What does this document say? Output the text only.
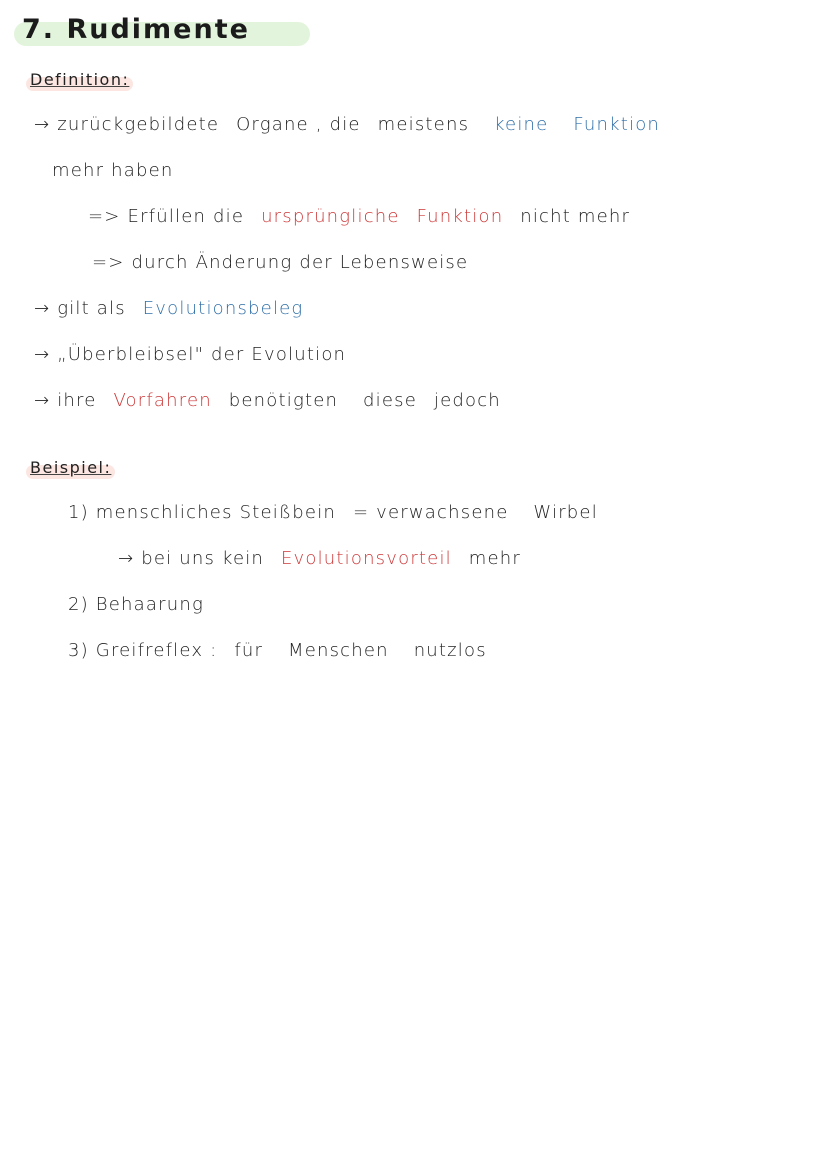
7. Rudimente
Definition:
→ zurückgebildete Organe , die meistens keine Funktion
mehr haben
=> Erfüllen die ursprüngliche Funktion nicht mehr
=> durch Änderung der Lebensweise
→ gilt als Evolutionsbeleg
→ „Überbleibsel" der Evolution
→ ihre Vorfahren benötigten diese jedoch
Beispiel:
1) menschliches Steißbein = verwachsene Wirbel
→ bei uns kein Evolutionsvorteil mehr
2) Behaarung
3) Greifreflex : für Menschen nutzlos
